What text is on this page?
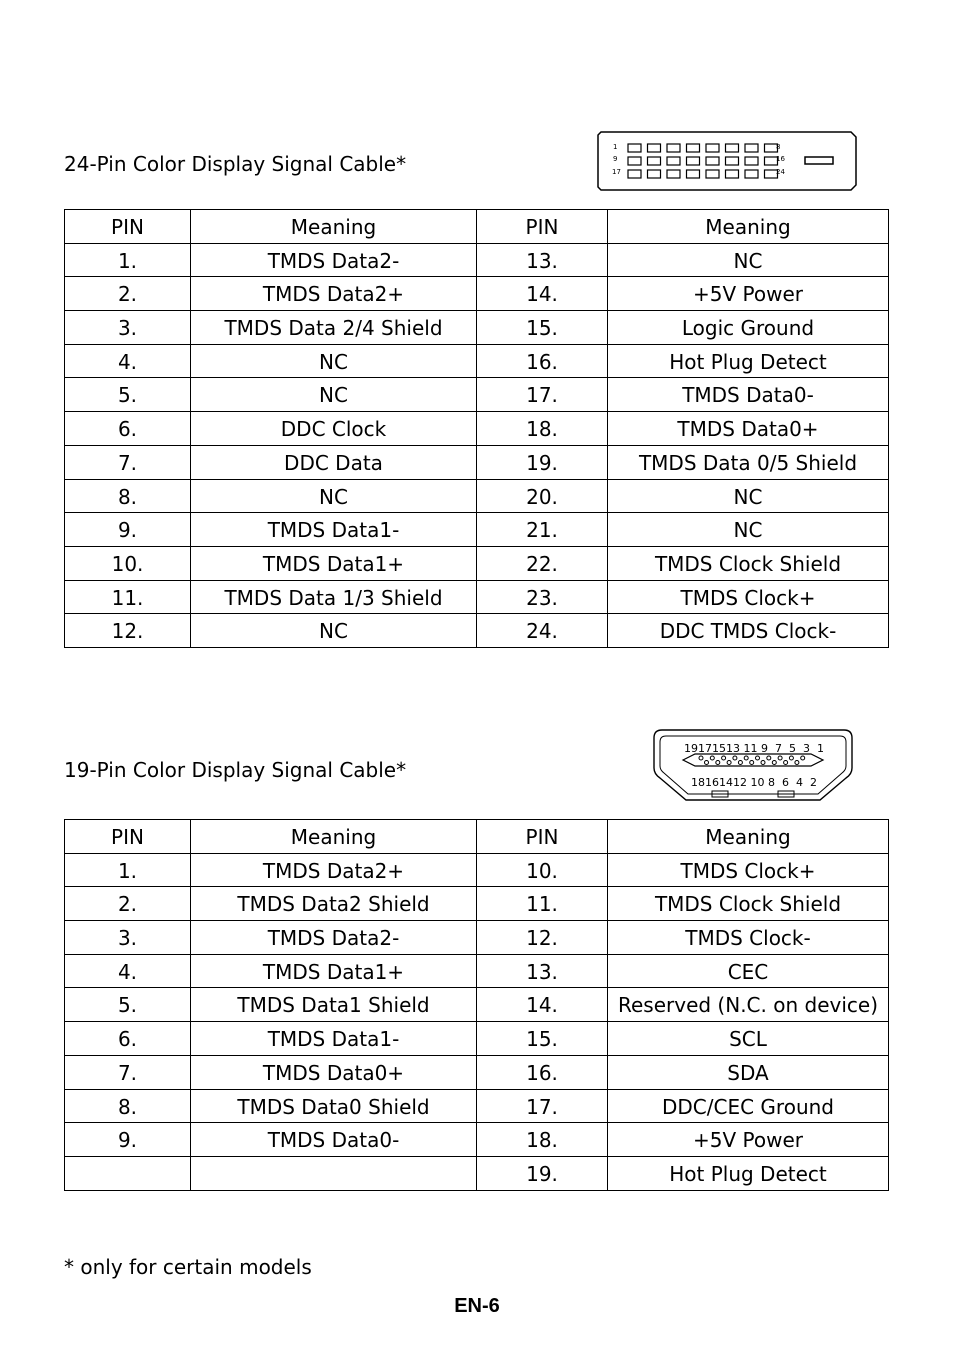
24-Pin Color Display Signal Cable*
1
9
17
8
16
24
PIN	Meaning	PIN	Meaning
1.	TMDS Data2-	13.	NC
2.	TMDS Data2+	14.	+5V Power
3.	TMDS Data 2/4 Shield	15.	Logic Ground
4.	NC	16.	Hot Plug Detect
5.	NC	17.	TMDS Data0-
6.	DDC Clock	18.	TMDS Data0+
7.	DDC Data	19.	TMDS Data 0/5 Shield
8.	NC	20.	NC
9.	TMDS Data1-	21.	NC
10.	TMDS Data1+	22.	TMDS Clock Shield
11.	TMDS Data 1/3 Shield	23.	TMDS Clock+
12.	NC	24.	DDC TMDS Clock-
19-Pin Color Display Signal Cable*
19171513 11 9  7  5  3  1
18161412 10 8  6  4  2
PIN	Meaning	PIN	Meaning
1.	TMDS Data2+	10.	TMDS Clock+
2.	TMDS Data2 Shield	11.	TMDS Clock Shield
3.	TMDS Data2-	12.	TMDS Clock-
4.	TMDS Data1+	13.	CEC
5.	TMDS Data1 Shield	14.	Reserved (N.C. on device)
6.	TMDS Data1-	15.	SCL
7.	TMDS Data0+	16.	SDA
8.	TMDS Data0 Shield	17.	DDC/CEC Ground
9.	TMDS Data0-	18.	+5V Power
		19.	Hot Plug Detect
* only for certain models
EN-6
